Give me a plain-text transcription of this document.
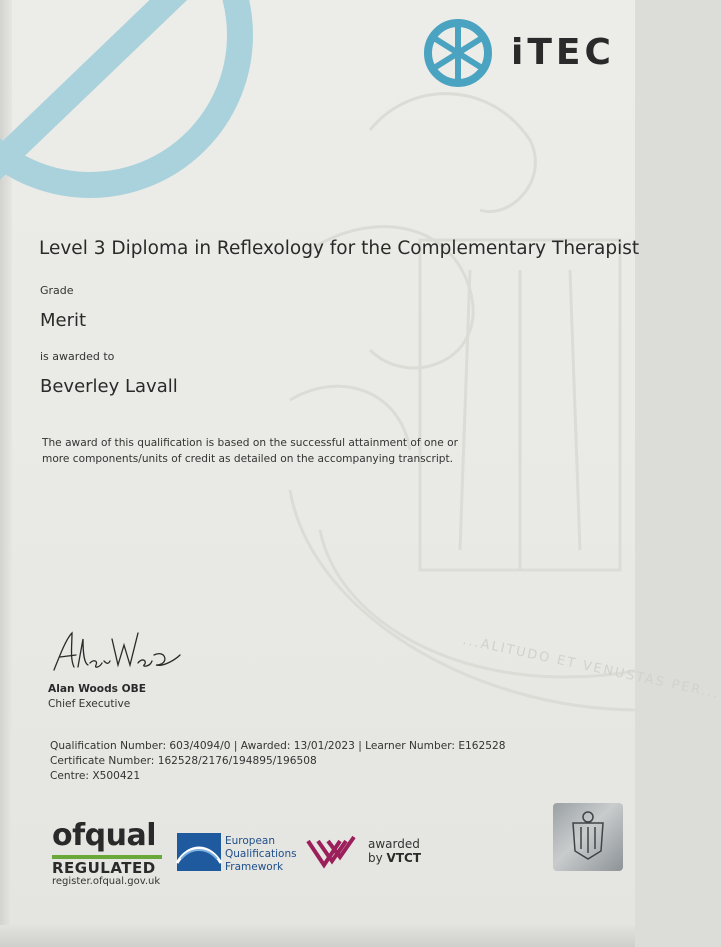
...ALITUDO ET VENUSTAS PER...
iTEC
Level 3 Diploma in Reflexology for the Complementary Therapist
Grade
Merit
is awarded to
Beverley Lavall
The award of this qualification is based on the successful attainment of one or more components/units of credit as detailed on the accompanying transcript.
Alan Woods OBE
Chief Executive
Qualification Number: 603/4094/0 | Awarded: 13/01/2023 | Learner Number: E162528
Certificate Number: 162528/2176/194895/196508
Centre: X500421
ofqual
REGULATED
register.ofqual.gov.uk
European
Qualifications
Framework
awarded
by VTCT
